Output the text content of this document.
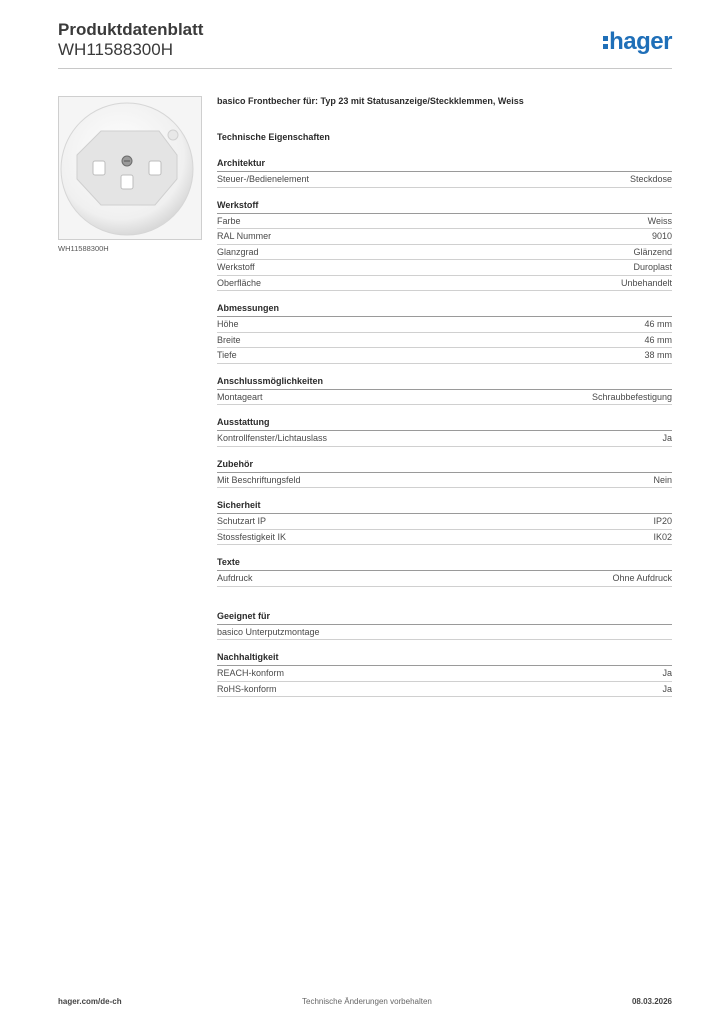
Produktdatenblatt
WH11588300H	hager
WH11588300H
basico Frontbecher für: Typ 23 mit Statusanzeige/Steckklemmen, Weiss
Technische Eigenschaften
Architektur
Steuer-/Bedienelement	Steckdose
Werkstoff
Farbe	Weiss
RAL Nummer	9010
Glanzgrad	Glänzend
Werkstoff	Duroplast
Oberfläche	Unbehandelt
Abmessungen
Höhe	46 mm
Breite	46 mm
Tiefe	38 mm
Anschlussmöglichkeiten
Montageart	Schraubbefestigung
Ausstattung
Kontrollfenster/Lichtauslass	Ja
Zubehör
Mit Beschriftungsfeld	Nein
Sicherheit
Schutzart IP	IP20
Stossfestigkeit IK	IK02
Texte
Aufdruck	Ohne Aufdruck
Geeignet für
basico Unterputzmontage
Nachhaltigkeit
REACH-konform	Ja
RoHS-konform	Ja
hager.com/de-ch	Technische Änderungen vorbehalten	08.03.2026
